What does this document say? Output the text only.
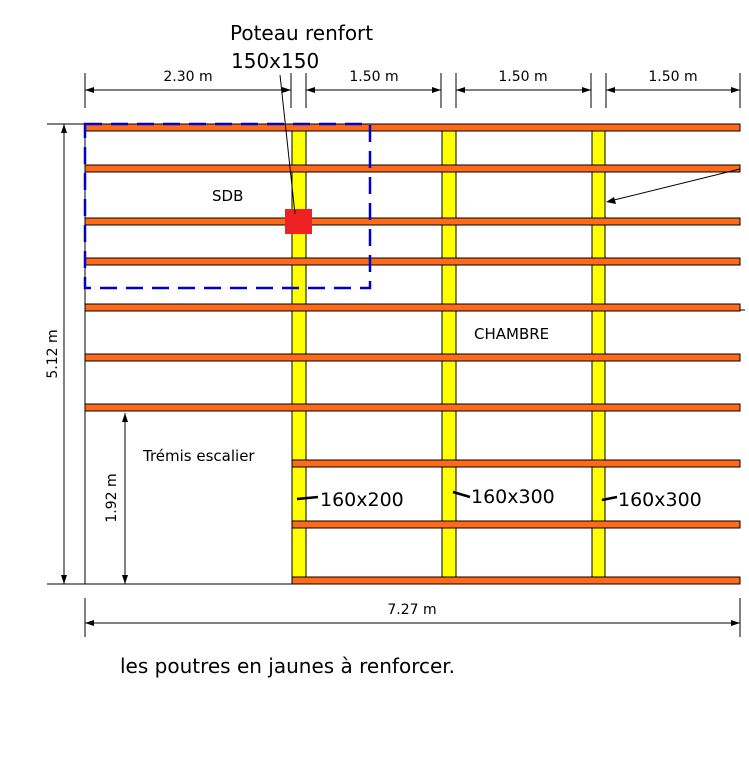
2.30 m	1.50 m	1.50 m	1.50 m
5.12 m
1.92 m
7.27 m
Poteau renfort
150x150
SDB
CHAMBRE
Trémis escalier
160x200	160x300	160x300
les poutres en jaunes à renforcer.
